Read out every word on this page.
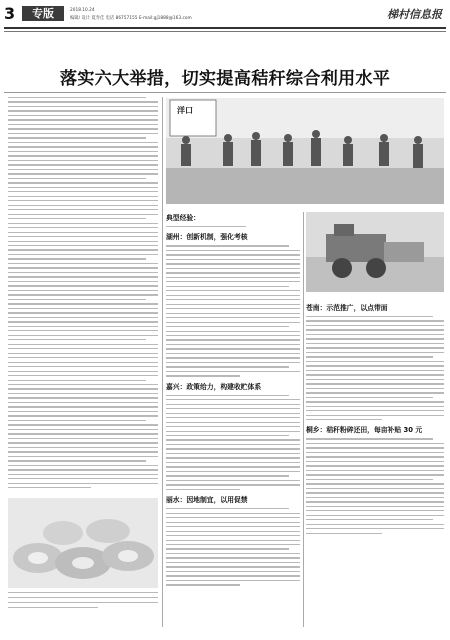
3	专版	2018.10.24
编辑/ 设计 夏寿佳 电话 86757155 E-mail:gj1888@163.com	梯村信息报
落实六大举措，切实提高秸秆综合利用水平
洋口
典型经验：
湖州：创新机制，强化考核
嘉兴：政策给力，构建收贮体系
丽水：因地制宜，以用促禁
苍南：示范推广，以点带面
桐乡：秸秆粉碎还田，每亩补贴 30 元
